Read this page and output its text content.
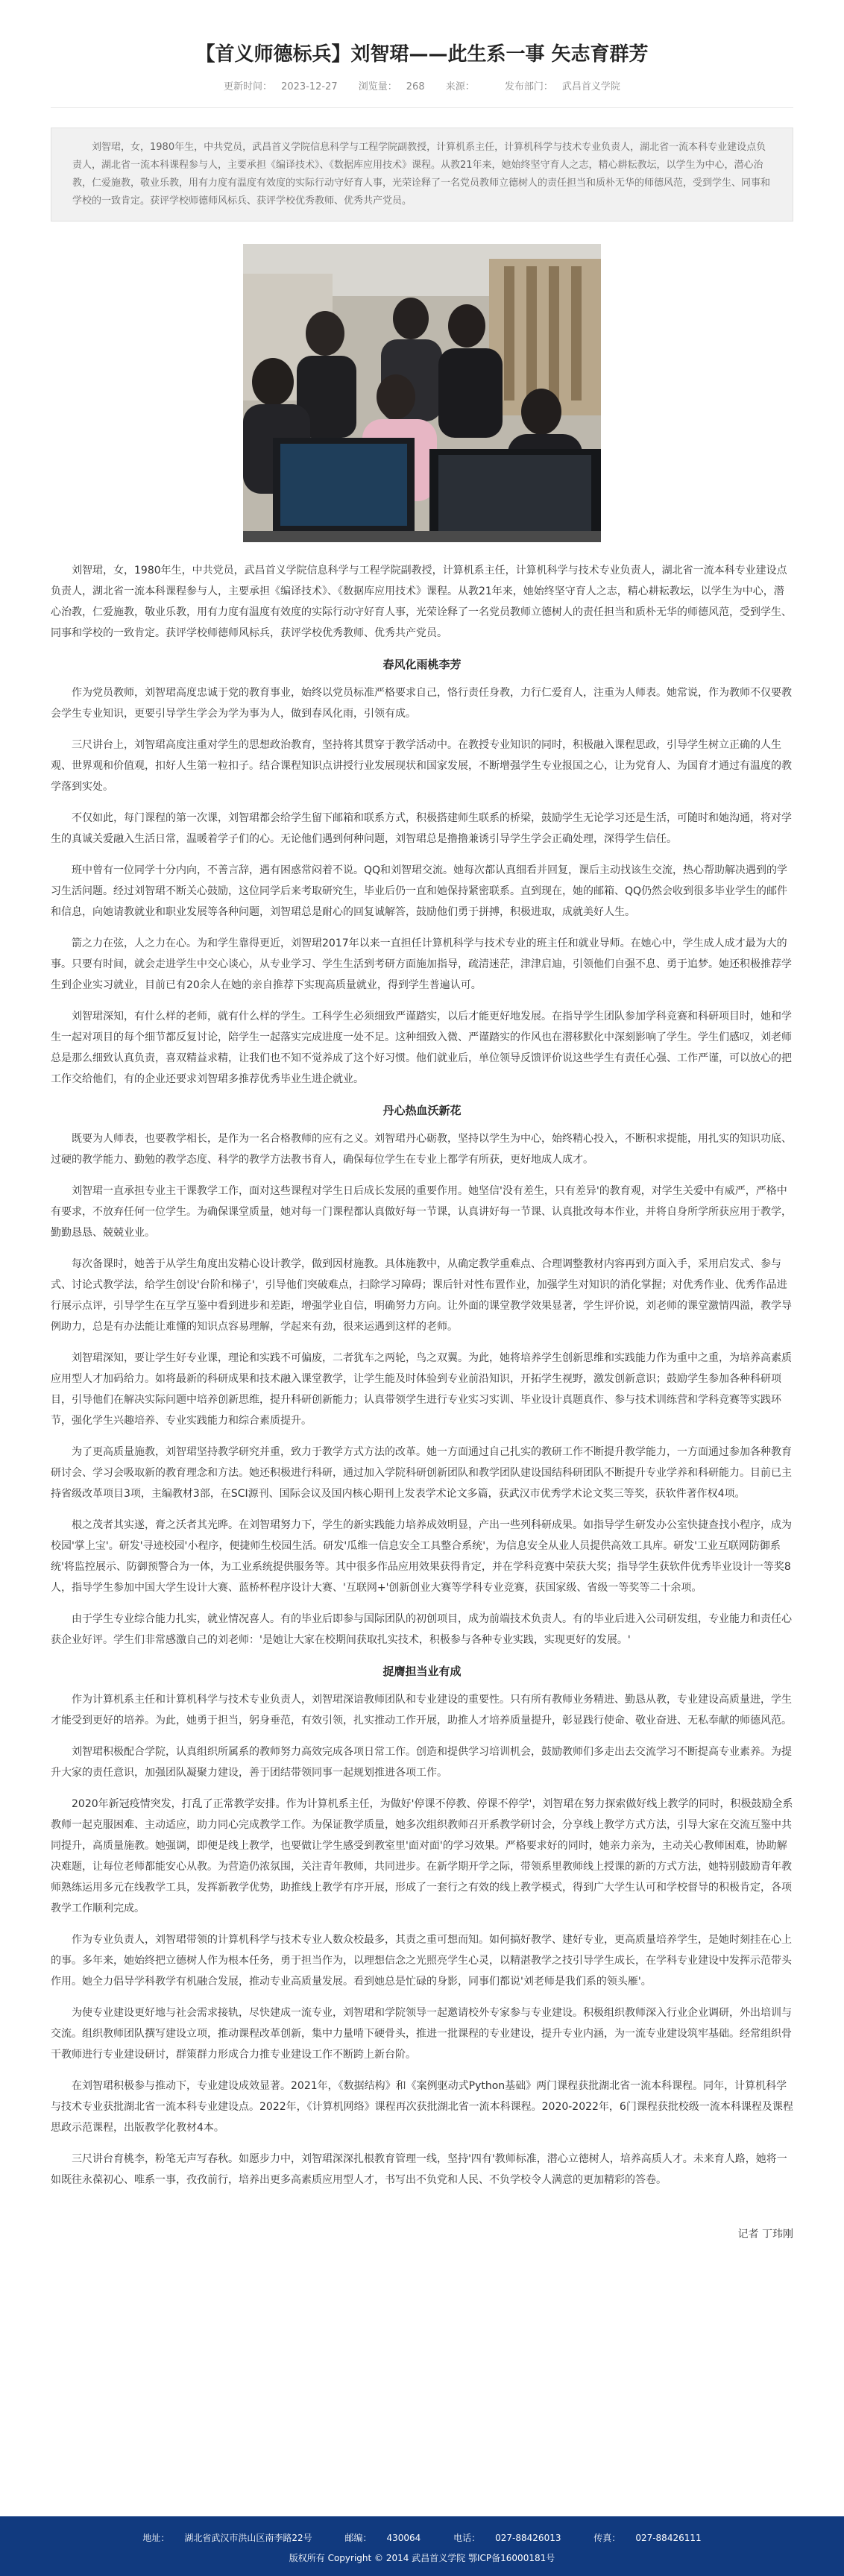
【首义师德标兵】刘智珺——此生系一事 矢志育群芳
更新时间： 2023-12-27 浏览量： 268 来源：	发布部门： 武昌首义学院
刘智珺，女，1980年生，中共党员，武昌首义学院信息科学与工程学院副教授，计算机系主任，计算机科学与技术专业负责人，湖北省一流本科专业建设点负责人，湖北省一流本科课程参与人，主要承担《编译技术》、《数据库应用技术》课程。从教21年来，她始终坚守育人之志，精心耕耘教坛，以学生为中心，潜心治教，仁爱施教，敬业乐教，用有力度有温度有效度的实际行动守好育人事，光荣诠释了一名党员教师立德树人的责任担当和质朴无华的师德风范，受到学生、同事和学校的一致肯定。获评学校师德师风标兵、获评学校优秀教师、优秀共产党员。

刘智珺，女，1980年生，中共党员，武昌首义学院信息科学与工程学院副教授，计算机系主任，计算机科学与技术专业负责人，湖北省一流本科专业建设点负责人，湖北省一流本科课程参与人，主要承担《编译技术》、《数据库应用技术》课程。从教21年来，她始终坚守育人之志，精心耕耘教坛，以学生为中心，潜心治教，仁爱施教，敬业乐教，用有力度有温度有效度的实际行动守好育人事，光荣诠释了一名党员教师立德树人的责任担当和质朴无华的师德风范，受到学生、同事和学校的一致肯定。获评学校师德师风标兵，获评学校优秀教师、优秀共产党员。

春风化雨桃李芳

作为党员教师，刘智珺高度忠诚于党的教育事业，始终以党员标准严格要求自己，恪行责任身教，力行仁爱育人，注重为人师表。她常说，作为教师不仅要教会学生专业知识，更要引导学生学会为学为事为人，做到春风化雨，引领有成。

三尺讲台上，刘智珺高度注重对学生的思想政治教育，坚持将其贯穿于教学活动中。在教授专业知识的同时，积极融入课程思政，引导学生树立正确的人生观、世界观和价值观，扣好人生第一粒扣子。结合课程知识点讲授行业发展现状和国家发展，不断增强学生专业报国之心，让为党育人、为国育才通过有温度的教学落到实处。

不仅如此，每门课程的第一次课，刘智珺都会给学生留下邮箱和联系方式，积极搭建师生联系的桥梁，鼓励学生无论学习还是生活，可随时和她沟通，将对学生的真诚关爱融入生活日常，温暖着学子们的心。无论他们遇到何种问题，刘智珺总是撸撸兼诱引导学生学会正确处理，深得学生信任。

班中曾有一位同学十分内向，不善言辞，遇有困惑常闷着不说。QQ和刘智珺交流。她每次都认真细看并回复，课后主动找该生交流，热心帮助解决遇到的学习生活问题。经过刘智珺不断关心鼓励，这位同学后来考取研究生，毕业后仍一直和她保持紧密联系。直到现在，她的邮箱、QQ仍然会收到很多毕业学生的邮件和信息，向她请教就业和职业发展等各种问题，刘智珺总是耐心的回复诚解答，鼓励他们勇于拼搏，积极进取，成就美好人生。

箭之力在弦，人之力在心。为和学生靠得更近，刘智珺2017年以来一直担任计算机科学与技术专业的班主任和就业导师。在她心中，学生成人成才最为大的事。只要有时间，就会走进学生中交心谈心，从专业学习、学生生活到考研方面施加指导，疏清迷茫，津津启迪，引领他们自强不息、勇于追梦。她还积极推荐学生到企业实习就业，目前已有20余人在她的亲自推荐下实现高质量就业，得到学生普遍认可。

刘智珺深知，有什么样的老师，就有什么样的学生。工科学生必须细致严谨踏实，以后才能更好地发展。在指导学生团队参加学科竞赛和科研项目时，她和学生一起对项目的每个细节都反复讨论，陪学生一起落实完成进度一处不足。这种细致入微、严谨踏实的作风也在潜移默化中深刻影响了学生。学生们感叹，刘老师总是那么细致认真负责，喜双精益求精，让我们也不知不觉养成了这个好习惯。他们就业后，单位领导反馈评价说这些学生有责任心强、工作严谨，可以放心的把工作交给他们，有的企业还要求刘智珺多推荐优秀毕业生进企就业。

丹心热血沃新花

既要为人师表，也要教学相长，是作为一名合格教师的应有之义。刘智珺丹心砺教，坚持以学生为中心，始终精心投入，不断积求提能，用扎实的知识功底、过硬的教学能力、勤勉的教学态度、科学的教学方法教书育人，确保每位学生在专业上都学有所获，更好地成人成才。

刘智珺一直承担专业主干课教学工作，面对这些课程对学生日后成长发展的重要作用。她坚信'没有差生，只有差异'的教育观，对学生关爱中有威严，严格中有要求，不放弃任何一位学生。为确保课堂质量，她对每一门课程都认真做好每一节课，认真讲好每一节课、认真批改每本作业，并将自身所学所获应用于教学，勤勤恳恳、兢兢业业。

每次备课时，她善于从学生角度出发精心设计教学，做到因材施教。具体施教中，从确定教学重难点、合理调整教材内容再到方面入手，采用启发式、参与式、讨论式教学法，给学生创设'台阶和梯子'，引导他们突破难点，扫除学习障碍；课后针对性布置作业，加强学生对知识的消化掌握；对优秀作业、优秀作品进行展示点评，引导学生在互学互鉴中看到进步和差距，增强学业自信，明确努力方向。让外面的课堂教学效果显著，学生评价说，刘老师的课堂激情四溢，教学导例助力，总是有办法能让难懂的知识点容易理解，学起来有劲，很来运遇到这样的老师。

刘智珺深知，要让学生好专业课，理论和实践不可偏废，二者犹车之两轮，鸟之双翼。为此，她将培养学生创新思维和实践能力作为重中之重，为培养高素质应用型人才加码给力。如将最新的科研成果和技术融入课堂教学，让学生能及时体验到专业前沿知识，开拓学生视野，激发创新意识；鼓励学生参加各种科研项目，引导他们在解决实际问题中培养创新思维，提升科研创新能力；认真带领学生进行专业实习实训、毕业设计真题真作、参与技术训练营和学科竞赛等实践环节，强化学生兴趣培养、专业实践能力和综合素质提升。

为了更高质量施教，刘智珺坚持教学研究并重，致力于教学方式方法的改革。她一方面通过自己扎实的教研工作不断提升教学能力，一方面通过参加各种教育研讨会、学习会吸取新的教育理念和方法。她还积极进行科研，通过加入学院科研创新团队和教学团队建设国结科研团队不断提升专业学养和科研能力。目前已主持省级改革项目3项，主编教材3部，在SCI源刊、国际会议及国内核心期刊上发表学术论文多篇，获武汉市优秀学术论文奖三等奖，获软件著作权4项。

根之茂者其实遂，膏之沃者其光晔。在刘智珺努力下，学生的新实践能力培养成效明显，产出一些列科研成果。如指导学生研发办公室快捷查找小程序，成为校园'掌上宝'。研发'寻迹校园'小程序，便捷师生校园生活。研发'瓜维一信息安全工具整合系统'，为信息安全从业人员提供高效工具库。研发'工业互联网防御系统'将监控展示、防御预警合为一体，为工业系统提供服务等。其中很多作品应用效果获得肯定，并在学科竞赛中荣获大奖；指导学生获软件优秀毕业设计一等奖8人，指导学生参加中国大学生设计大赛、蓝桥杯程序设计大赛、'互联网+'创新创业大赛等学科专业竞赛，获国家级、省级一等奖等二十余项。

由于学生专业综合能力扎实，就业情况喜人。有的毕业后即参与国际团队的初创项目，成为前端技术负责人。有的毕业后进入公司研发组，专业能力和责任心获企业好评。学生们非常感激自己的刘老师：'是她让大家在校期间获取扎实技术，积极参与各种专业实践，实现更好的发展。'

捉膺担当业有成

作为计算机系主任和计算机科学与技术专业负责人，刘智珺深谙教师团队和专业建设的重要性。只有所有教师业务精进、勤恳从教，专业建设高质量进，学生才能受到更好的培养。为此，她勇于担当，躬身垂范，有效引领，扎实推动工作开展，助推人才培养质量提升，彰显践行使命、敬业奋进、无私奉献的师德风范。

刘智珺积极配合学院，认真组织所属系的教师努力高效完成各项日常工作。创造和提供学习培训机会，鼓励教师们多走出去交流学习不断提高专业素养。为提升大家的责任意识，加强团队凝聚力建设，善于团结带领同事一起规划推进各项工作。

2020年新冠疫情突发，打乱了正常教学安排。作为计算机系主任，为做好'停课不停教、停课不停学'，刘智珺在努力探索做好线上教学的同时，积极鼓励全系教师一起克服困难、主动适应，助力同心完成教学工作。为保证教学质量，她多次组织教师召开系教学研讨会，分享线上教学方式方法，引导大家在交流互鉴中共同提升，高质量施教。她强调，即便是线上教学，也要做让学生感受到教室里'面对面'的学习效果。严格要求好的同时，她亲力亲为，主动关心教师困难，协助解决难题，让每位老师都能安心从教。为营造仍浓氛围，关注青年教师，共同进步。在新学期开学之际，带领系里教师线上授课的新的方式方法，她特别鼓励青年教师熟练运用多元在线教学工具，发挥新教学优势，助推线上教学有序开展，形成了一套行之有效的线上教学模式，得到广大学生认可和学校督导的积极肯定，各项教学工作顺利完成。

作为专业负责人，刘智珺带领的计算机科学与技术专业人数众校最多，其责之重可想而知。如何搞好教学、建好专业，更高质量培养学生，是她时刻挂在心上的事。多年来，她始终把立德树人作为根本任务，勇于担当作为，以理想信念之光照亮学生心灵，以精湛教学之技引导学生成长，在学科专业建设中发挥示范带头作用。她全力倡导学科教学有机融合发展，推动专业高质量发展。看到她总是忙碌的身影，同事们都说'刘老师是我们系的领头雁'。

为使专业建设更好地与社会需求接轨，尽快建成一流专业，刘智珺和学院领导一起邀请校外专家参与专业建设。积极组织教师深入行业企业调研，外出培训与交流。组织教师团队撰写建设立项，推动课程改革创新，集中力量啃下硬骨头，推进一批课程的专业建设，提升专业内涵，为一流专业建设筑牢基础。经常组织骨干教师进行专业建设研讨，群策群力形成合力推专业建设工作不断跨上新台阶。

在刘智珺积极参与推动下，专业建设成效显著。2021年，《数据结构》和《案例驱动式Python基础》两门课程获批湖北省一流本科课程。同年，计算机科学与技术专业获批湖北省一流本科专业建设点。2022年，《计算机网络》课程再次获批湖北省一流本科课程。2020-2022年，6门课程获批校级一流本科课程及课程思政示范课程，出版教学化教材4本。

三尺讲台育桃李，粉笔无声写春秋。如愿步力中，刘智珺深深扎根教育管理一线，坚持'四有'教师标准，潜心立德树人，培养高质人才。未来育人路，她将一如既往永葆初心、唯系一事，孜孜前行，培养出更多高素质应用型人才，书写出不负党和人民、不负学校令人满意的更加精彩的答卷。

记者 丁玮刚
地址： 湖北省武汉市洪山区南李路22号	邮编： 430064	电话： 027-88426013	传真： 027-88426111
版权所有 Copyright © 2014 武昌首义学院 鄂ICP备16000181号
